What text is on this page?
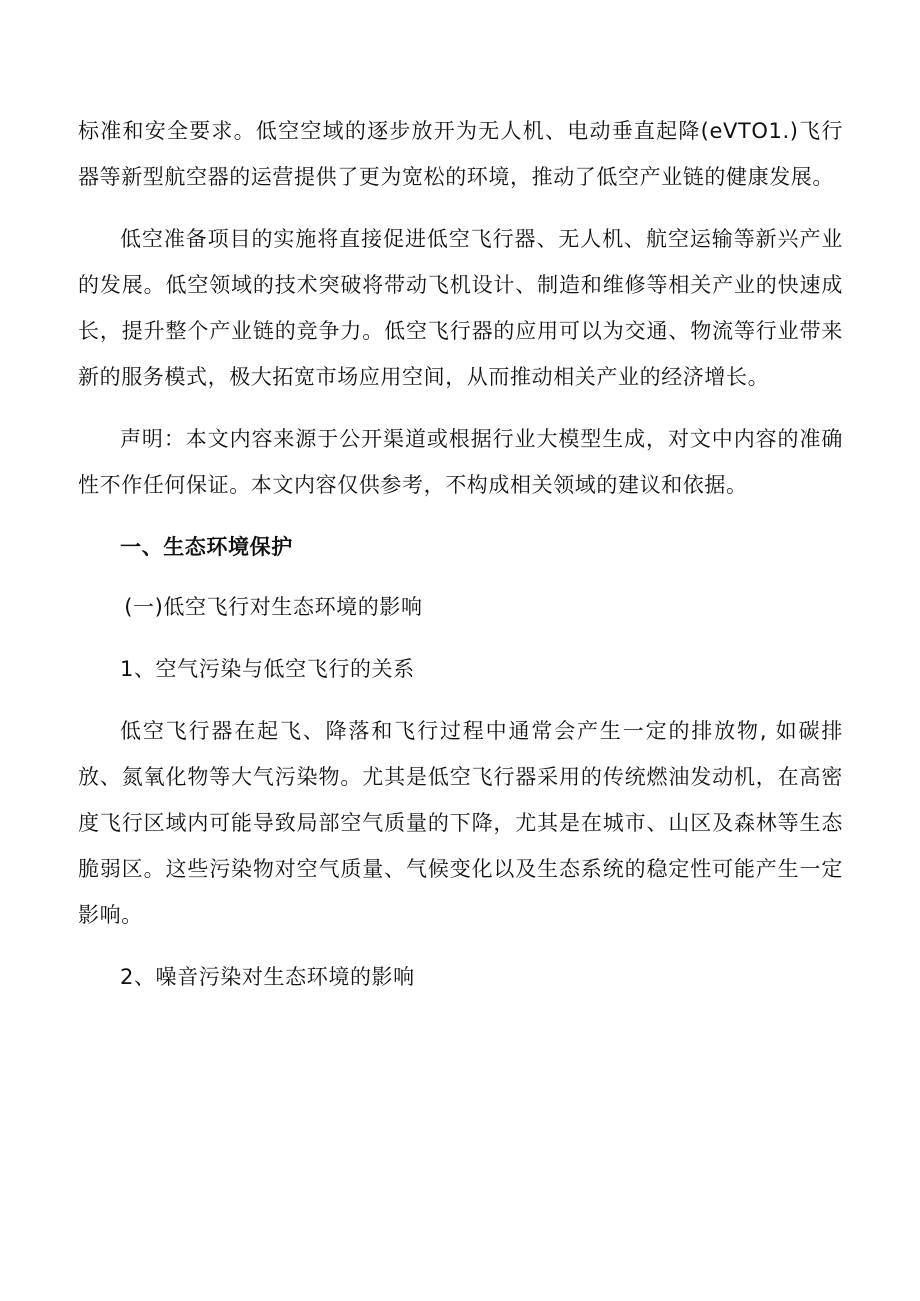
标准和安全要求。低空空域的逐步放开为无人机、电动垂直起降(eVTO1.)飞行器等新型航空器的运营提供了更为宽松的环境，推动了低空产业链的健康发展。

低空准备项目的实施将直接促进低空飞行器、无人机、航空运输等新兴产业的发展。低空领域的技术突破将带动飞机设计、制造和维修等相关产业的快速成长，提升整个产业链的竞争力。低空飞行器的应用可以为交通、物流等行业带来新的服务模式，极大拓宽市场应用空间，从而推动相关产业的经济增长。

声明：本文内容来源于公开渠道或根据行业大模型生成，对文中内容的准确性不作任何保证。本文内容仅供参考，不构成相关领域的建议和依据。

一、生态环境保护
(一)低空飞行对生态环境的影响
1、空气污染与低空飞行的关系

低空飞行器在起飞、降落和飞行过程中通常会产生一定的排放物, 如碳排放、氮氧化物等大气污染物。尤其是低空飞行器采用的传统燃油发动机，在高密度飞行区域内可能导致局部空气质量的下降，尤其是在城市、山区及森林等生态脆弱区。这些污染物对空气质量、气候变化以及生态系统的稳定性可能产生一定影响。

2、噪音污染对生态环境的影响
